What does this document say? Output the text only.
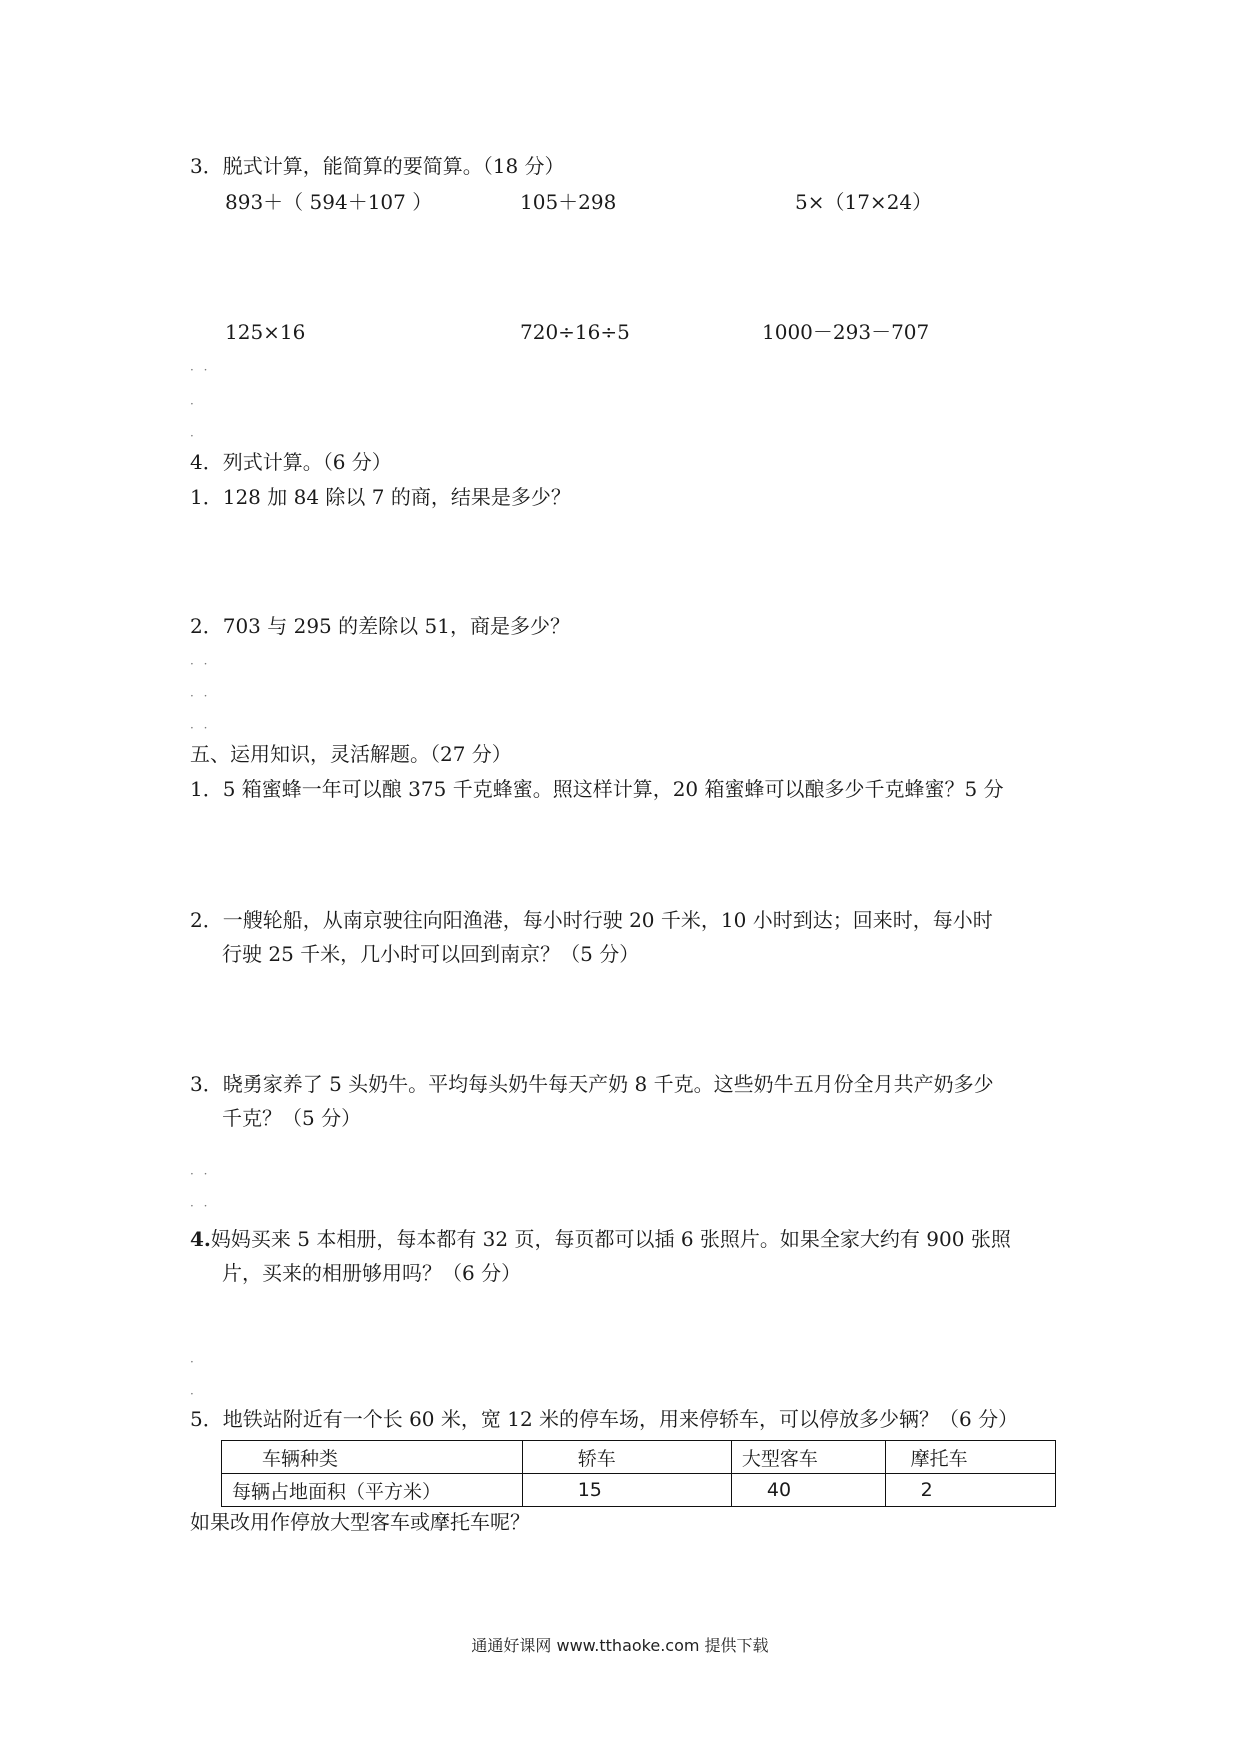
3．脱式计算，能简算的要简算。（18 分）
893＋（ 594＋107 ）	105＋298	5×（17×24）
125×16	720÷16÷5	1000－293－707
· ·
·
·
4．列式计算。（6 分）
1．128 加 84 除以 7 的商，结果是多少？
2．703 与 295 的差除以 51，商是多少？
· ·
· ·
· ·
五、运用知识，灵活解题。（27 分）
1．5 箱蜜蜂一年可以酿 375 千克蜂蜜。照这样计算，20 箱蜜蜂可以酿多少千克蜂蜜？5 分
2．一艘轮船，从南京驶往向阳渔港，每小时行驶 20 千米，10 小时到达；回来时，每小时
行驶 25 千米，几小时可以回到南京？（5 分）
3．晓勇家养了 5 头奶牛。平均每头奶牛每天产奶 8 千克。这些奶牛五月份全月共产奶多少
千克？（5 分）
· ·
· ·
4.妈妈买来 5 本相册，每本都有 32 页，每页都可以插 6 张照片。如果全家大约有 900 张照
片，买来的相册够用吗？（6 分）
·
·
5．地铁站附近有一个长 60 米，宽 12 米的停车场，用来停轿车，可以停放多少辆？（6 分）
车辆种类	轿车	大型客车	摩托车
每辆占地面积（平方米）	15	40	2
如果改用作停放大型客车或摩托车呢？
通通好课网 www.tthaoke.com 提供下载
